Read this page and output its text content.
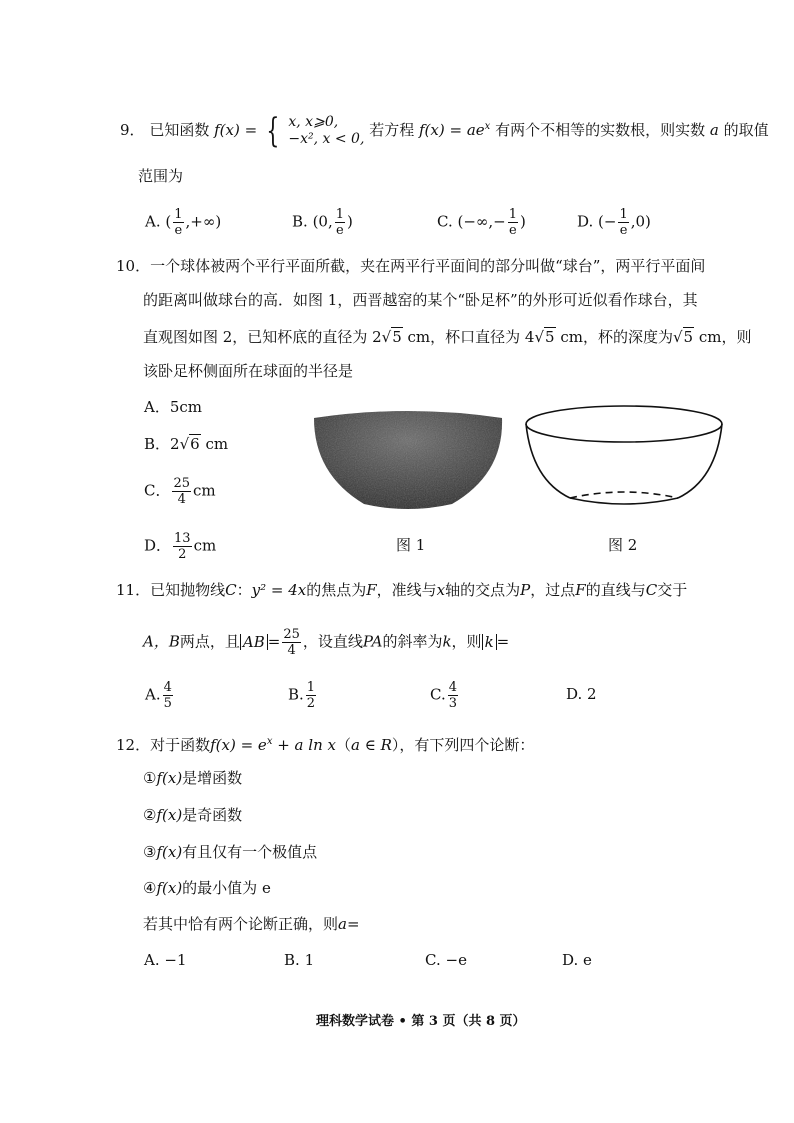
9． 已知函数 f(x) = { x, x⩾0,
−x², x < 0, 若方程 $f(x) = ae^x$ 有两个不相等的实数根，则实数 a 的取值
范围为
A. ( $\frac{1}{e}$ ,+∞)	B. (0, $\frac{1}{e}$ )	C. (−∞,− $\frac{1}{e}$ )	D. (− $\frac{1}{e} ,0$)
10．一个球体被两个平行平面所截，夹在两平行平面间的部分叫做“球台”，两平行平面间
的距离叫做球台的高．如图 1，西晋越窑的某个“卧足杯”的外形可近似看作球台，其
直观图如图 2，已知杯底的直径为 2√5 cm，杯口直径为 4√5 cm，杯的深度为√5 cm，则
该卧足杯侧面所在球面的半径是
A．5cm
B．2√6 cm
C． $\frac{25}{4}$ cm
D． $\frac{13}{2}$ cm	图 1	图 2
11．已知抛物线C：y² = 4x的焦点为F，准线与x轴的交点为P，过点F的直线与C交于
A，B两点，且 AB = $\frac{25}{4}$ ，设直线PA的斜率为k，则 k =
A. $\frac{4}{5}$	B. $\frac{1}{2}$	C. $\frac{4}{3}$	D. 2
12．对于函数$f(x) = e^x + a$ ln x（a ∈ R），有下列四个论断：
①f(x)是增函数
②f(x)是奇函数
③f(x)有且仅有一个极值点
④f(x)的最小值为 e
若其中恰有两个论断正确，则a=
A. −1	B. 1	C. −e	D. e
理科数学试卷 • 第 3 页（共 8 页）
